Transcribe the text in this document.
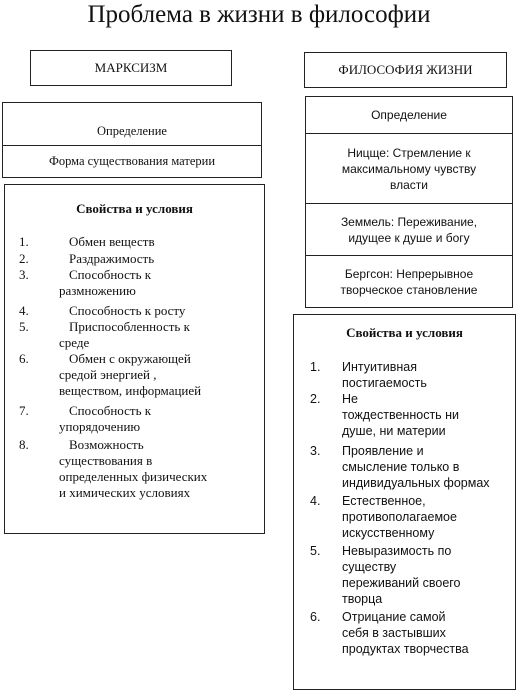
Проблема в жизни в философии
МАРКСИЗМ
Определение
Форма существования материи
Свойства и условия
1.	Обмен веществ
2.	Раздражимость
3.	Способность к
размножению
4.	Способность к росту
5.	Приспособленность к
среде
6.	Обмен с окружающей
средой энергией ,
веществом, информацией
7.	Способность к
упорядочению
8.	Возможность
существования в
определенных физических
и химических условиях
ФИЛОСОФИЯ ЖИЗНИ
Определение
Ницще: Стремление к
максимальному чувству
власти
Земмель: Переживание,
идущее к душе и богу
Бергсон: Непрерывное
творческое становление
Свойства и условия
1. Интуитивная
постигаемость
2. Не
тождественность ни
душе, ни материи
3. Проявление и
смысление только в
индивидуальных формах
4. Естественное,
противополагаемое
искусственному
5. Невыразимость по
существу
переживаний своего
творца
6. Отрицание самой
себя в застывших
продуктах творчества
